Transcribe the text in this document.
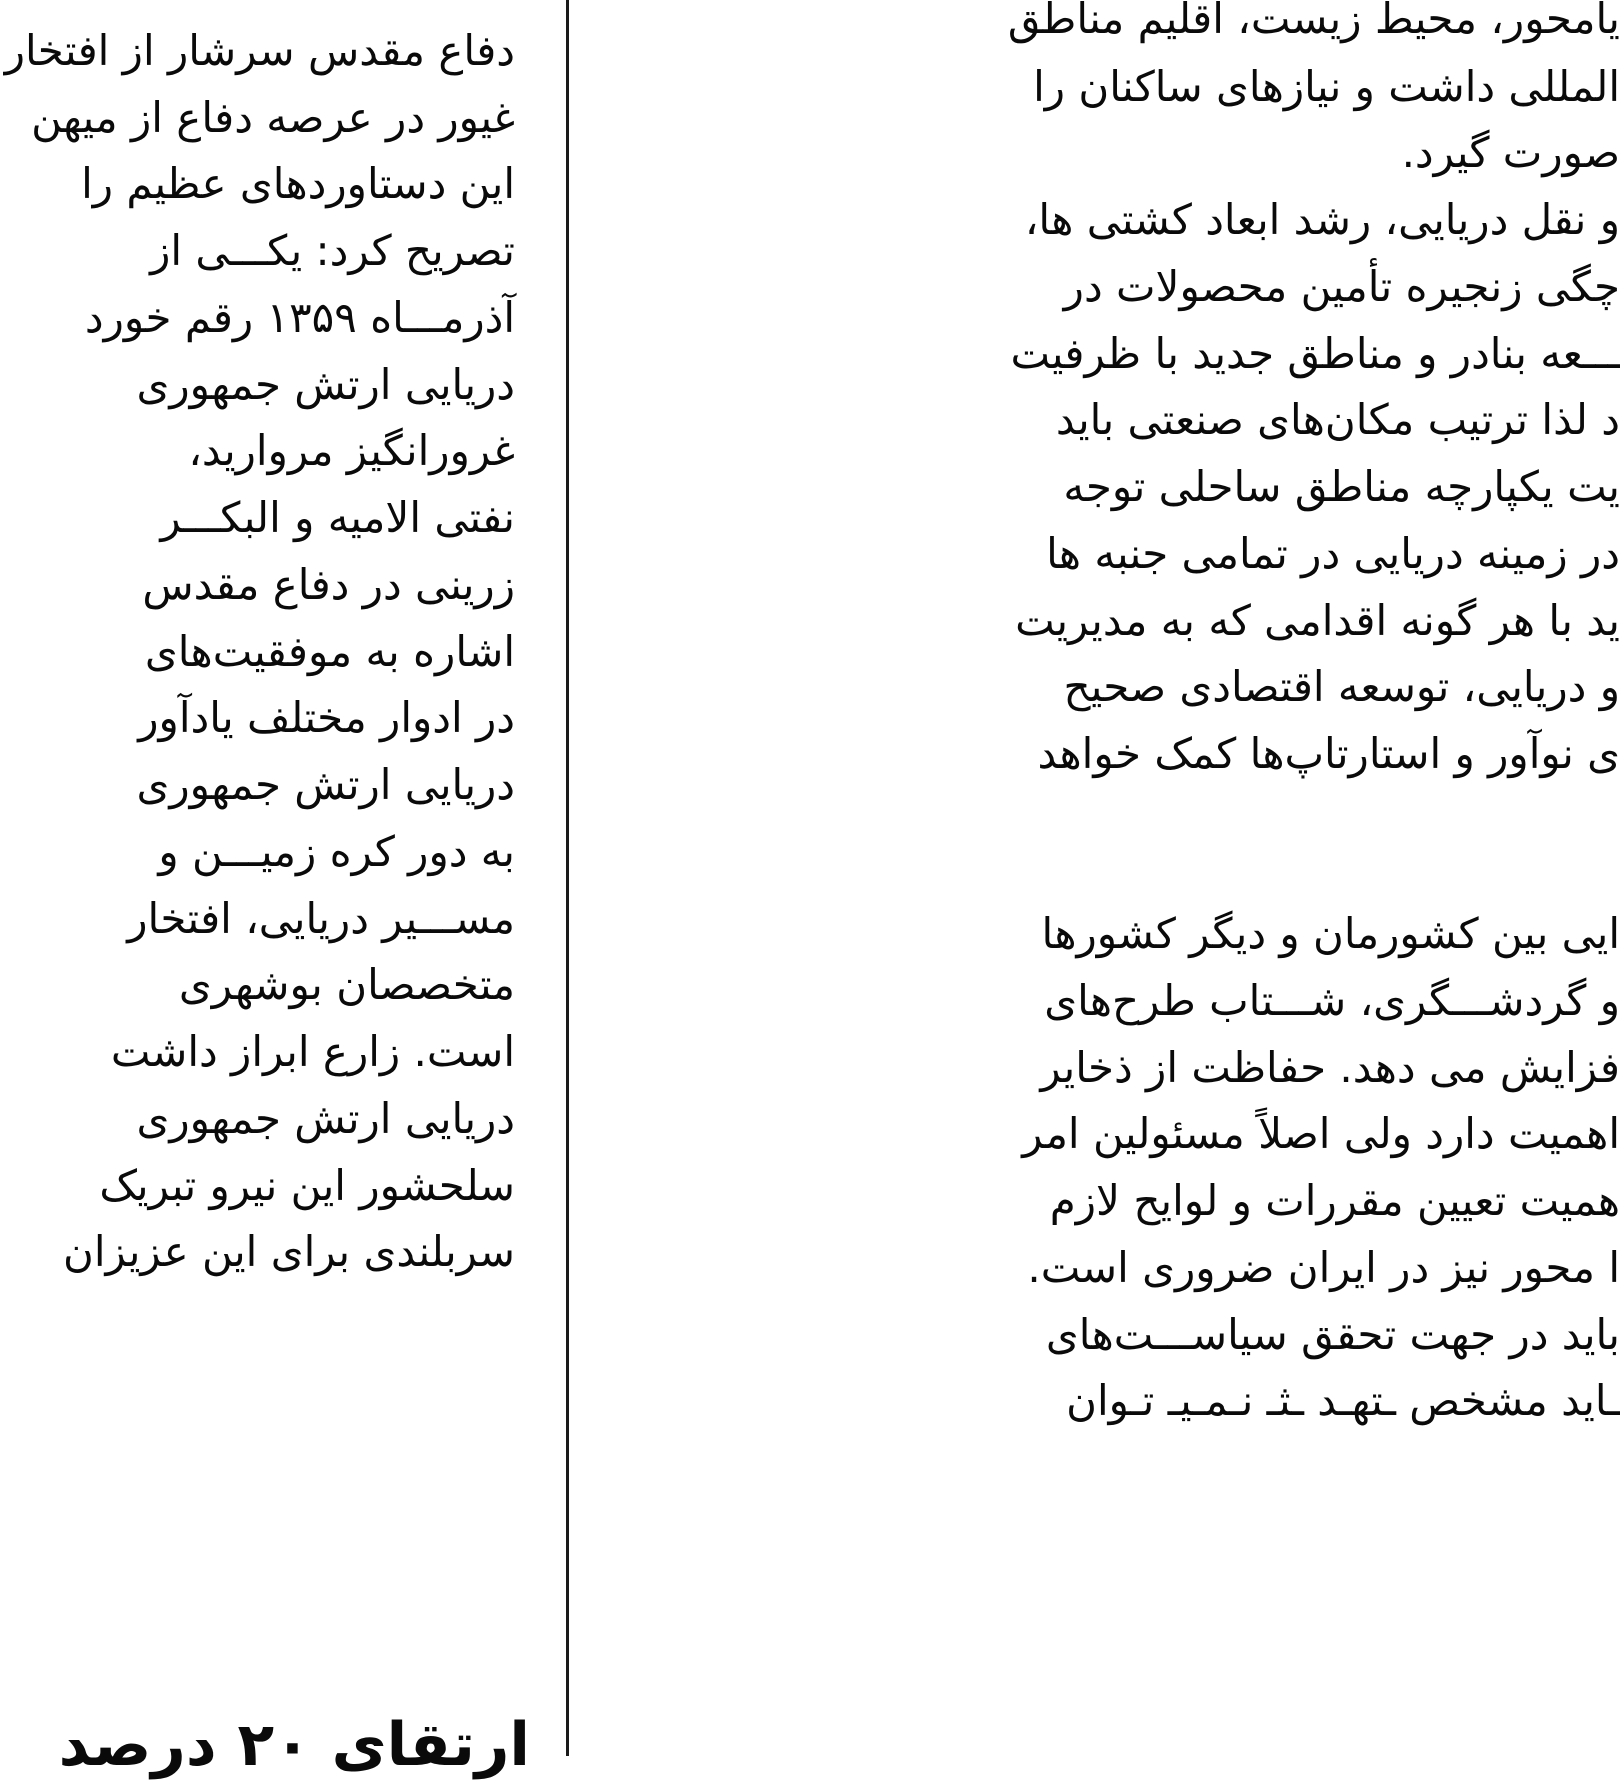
دفاع مقدس سرشار از افتخار
غیور در عرصه دفاع از میهن
این دستاوردهای عظیم را
تصریح کرد: یکـــی از
آذرمـــاه ۱۳۵۹ رقم خورد
دریایی ارتش جمهوری
غرورانگیز مروارید،
نفتی الامیه و البکـــر
زرینی در دفاع مقدس
اشاره به موفقیت‌های
در ادوار مختلف یادآور
دریایی ارتش جمهوری
به دور کره زمیـــن و
مســـیر دریایی، افتخار
متخصصان بوشهری
است. زارع ابراز داشت
دریایی ارتش جمهوری
سلحشور این نیرو تبریک
سربلندی برای این عزیزان
ارتقای ۲۰ درصد
یامحور، محیط زیست، اقلیم مناطق
المللی داشت و نیازهای ساکنان را
صورت گیرد.
و نقل دریایی، رشد ابعاد کشتی ها،
چگی زنجیره تأمین محصولات در
ـــعه بنادر و مناطق جدید با ظرفیت
د لذا ترتیب مکان‌های صنعتی باید
یت یکپارچه مناطق ساحلی توجه
در زمینه دریایی در تمامی جنبه ها
ید با هر گونه اقدامی که به مدیریت
و دریایی، توسعه اقتصادی صحیح
ی نوآور و استارتاپ‌ها کمک خواهد
ایی بین کشورمان و دیگر کشورها
و گردشـــگری، شـــتاب طرح‌های
فزایش می دهد. حفاظت از ذخایر
اهمیت دارد ولی اصلاً مسئولین امر
همیت تعیین مقررات و لوایح لازم
ا محور نیز در ایران ضروری است.
باید در جهت تحقق سیاســـت‌های
ـاید مشخص ـتهـد ـثـ نـمـیـ تـوان
